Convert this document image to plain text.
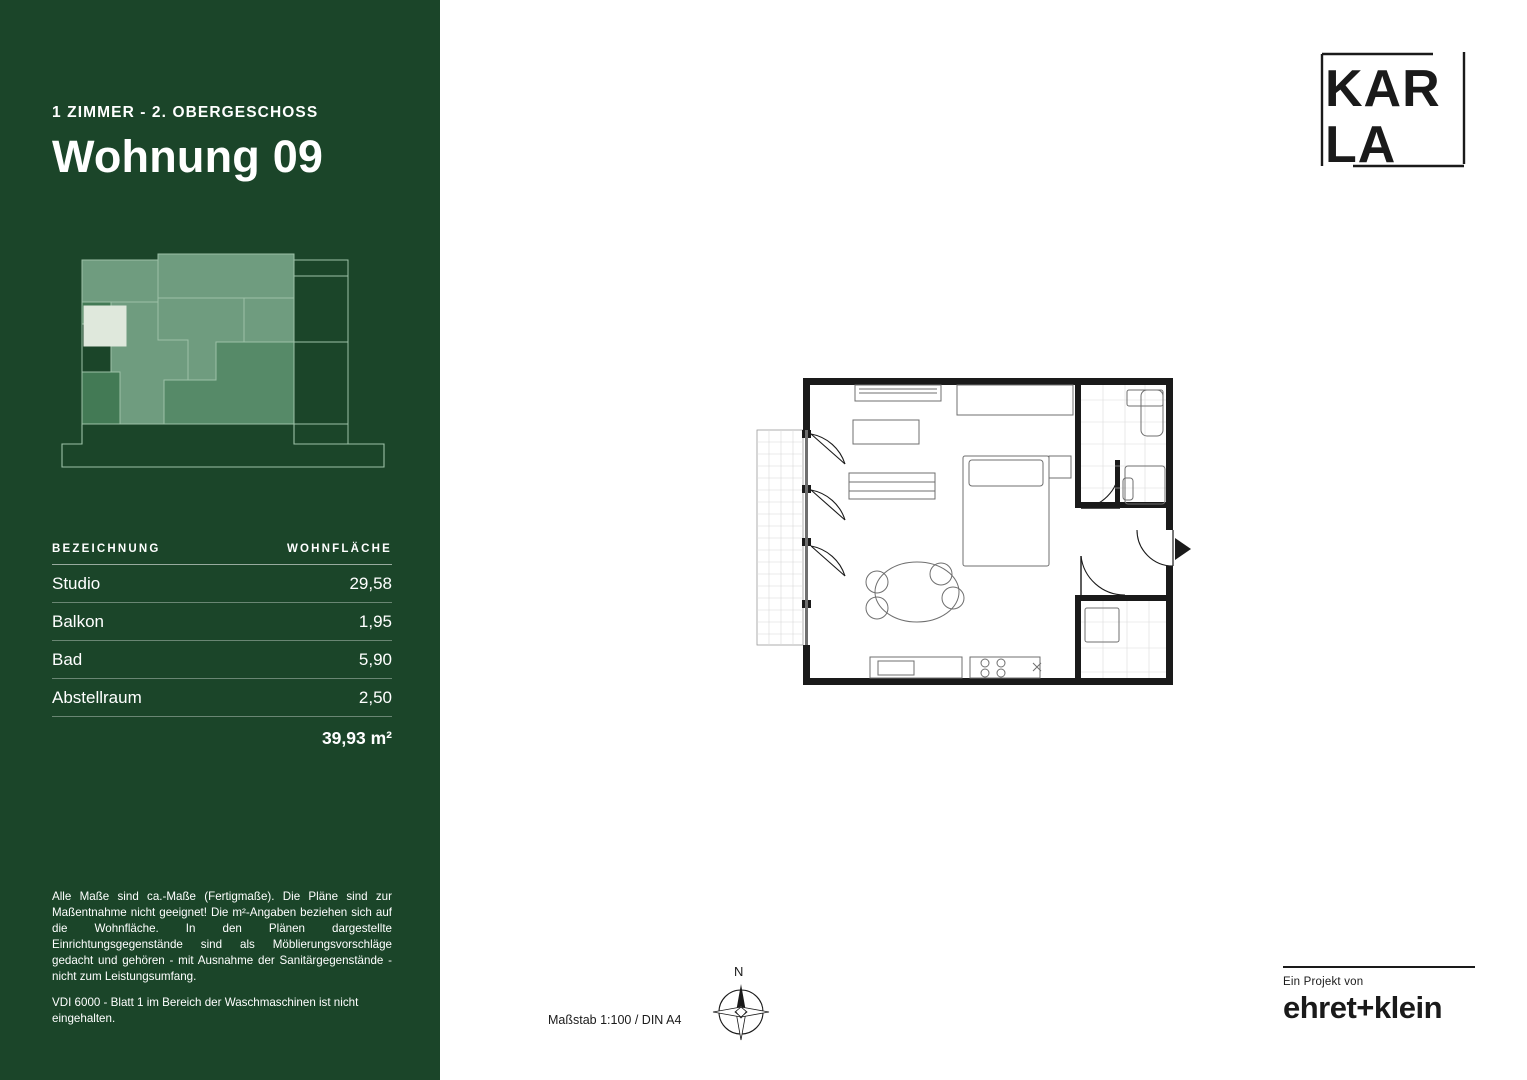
1 ZIMMER - 2. OBERGESCHOSS
Wohnung 09
BEZEICHNUNG	WOHNFLÄCHE
Studio	29,58
Balkon	1,95
Bad	5,90
Abstellraum	2,50
39,93 m²

Alle Maße sind ca.-Maße (Fertigmaße). Die Pläne sind zur Maßentnahme nicht geeignet! Die m²-Angaben beziehen sich auf die Wohnfläche. In den Plänen dargestellte Einrichtungsgegenstände sind als Möblierungsvorschläge gedacht und gehören - mit Ausnahme der Sanitärgegenstände - nicht zum Leistungsumfang.

VDI 6000 - Blatt 1 im Bereich der Waschmaschinen ist nicht eingehalten.

KAR
LA
Maßstab 1:100 / DIN A4
N
Ein Projekt von
ehret+klein
